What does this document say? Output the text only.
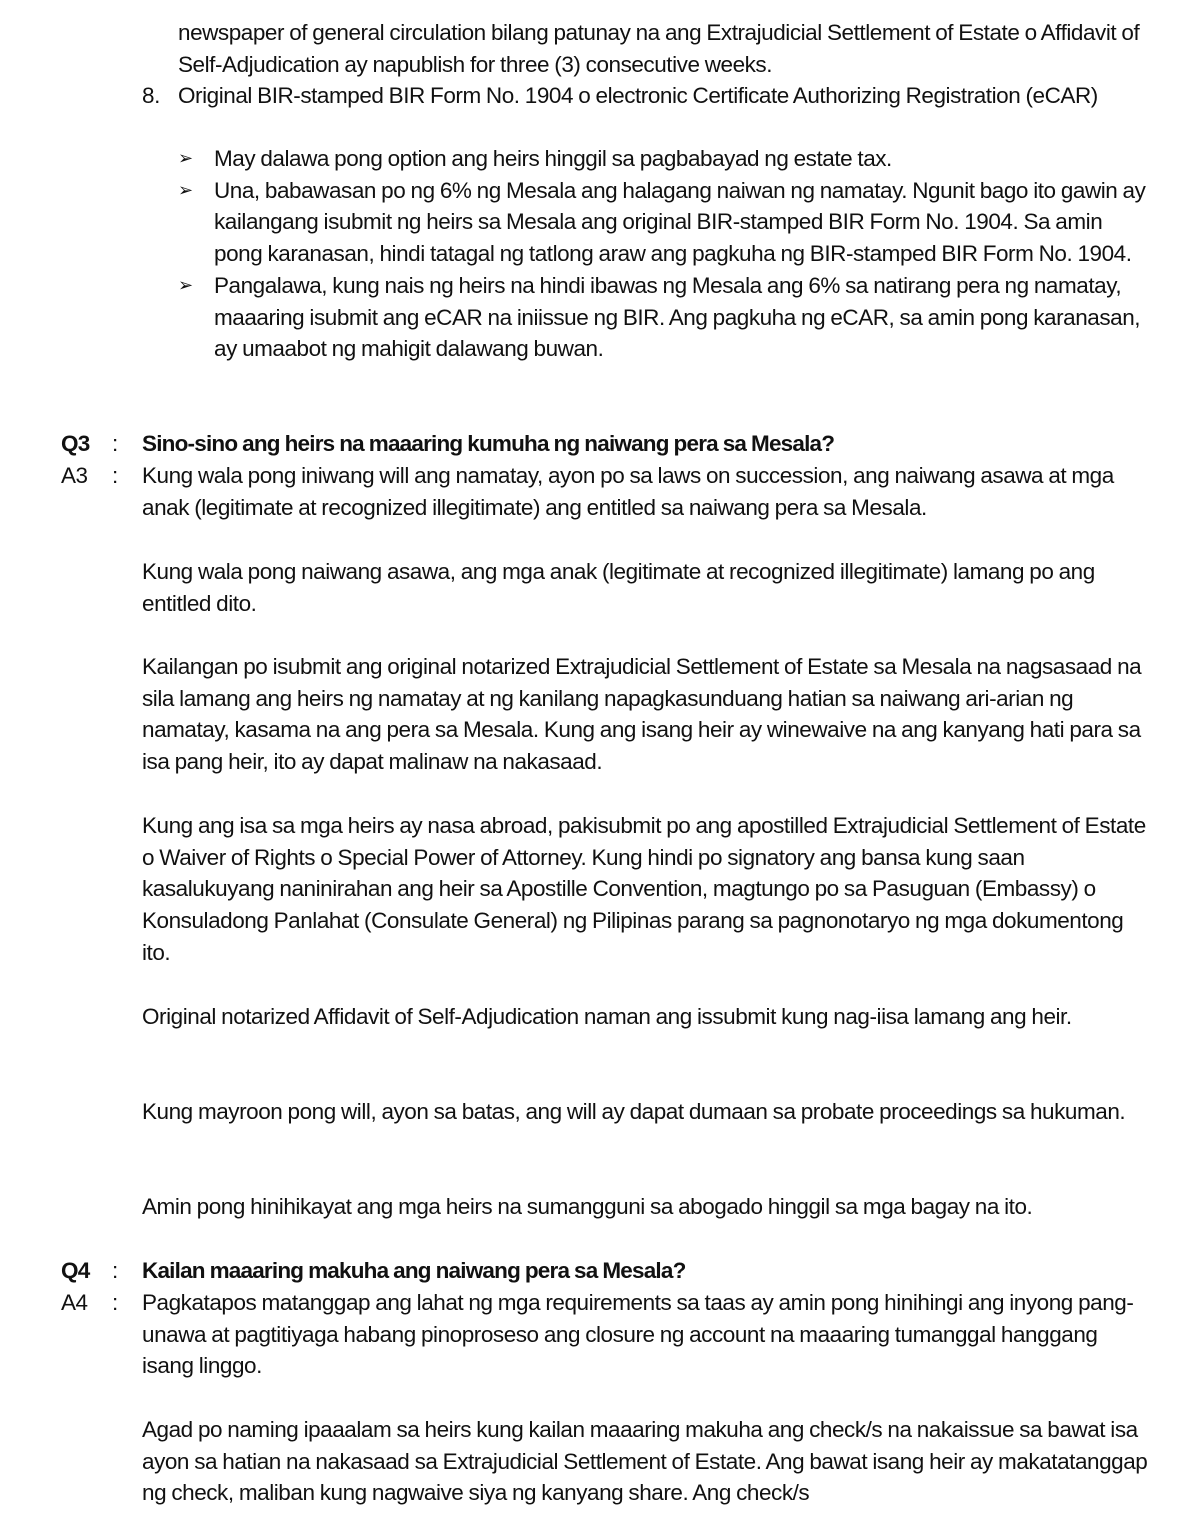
newspaper of general circulation bilang patunay na ang Extrajudicial Settlement of Estate o Affidavit of Self-Adjudication ay napublish for three (3) consecutive weeks.

8. Original BIR-stamped BIR Form No. 1904 o electronic Certificate Authorizing Registration (eCAR)

➢ May dalawa pong option ang heirs hinggil sa pagbabayad ng estate tax.

➢ Una, babawasan po ng 6% ng Mesala ang halagang naiwan ng namatay. Ngunit bago ito gawin ay kailangang isubmit ng heirs sa Mesala ang original BIR-stamped BIR Form No. 1904. Sa amin pong karanasan, hindi tatagal ng tatlong araw ang pagkuha ng BIR-stamped BIR Form No. 1904.

➢ Pangalawa, kung nais ng heirs na hindi ibawas ng Mesala ang 6% sa natirang pera ng namatay, maaaring isubmit ang eCAR na iniissue ng BIR. Ang pagkuha ng eCAR, sa amin pong karanasan, ay umaabot ng mahigit dalawang buwan.

Q3	: Sino-sino ang heirs na maaaring kumuha ng naiwang pera sa Mesala?

A3	: Kung wala pong iniwang will ang namatay, ayon po sa laws on succession, ang naiwang asawa at mga anak (legitimate at recognized illegitimate) ang entitled sa naiwang pera sa Mesala.

Kung wala pong naiwang asawa, ang mga anak (legitimate at recognized illegitimate) lamang po ang entitled dito.

Kailangan po isubmit ang original notarized Extrajudicial Settlement of Estate sa Mesala na nagsasaad na sila lamang ang heirs ng namatay at ng kanilang napagkasunduang hatian sa naiwang ari-arian ng namatay, kasama na ang pera sa Mesala. Kung ang isang heir ay winewaive na ang kanyang hati para sa isa pang heir, ito ay dapat malinaw na nakasaad.

Kung ang isa sa mga heirs ay nasa abroad, pakisubmit po ang apostilled Extrajudicial Settlement of Estate o Waiver of Rights o Special Power of Attorney. Kung hindi po signatory ang bansa kung saan kasalukuyang naninirahan ang heir sa Apostille Convention, magtungo po sa Pasuguan (Embassy) o Konsuladong Panlahat (Consulate General) ng Pilipinas parang sa pagnonotaryo ng mga dokumentong ito.

Original notarized Affidavit of Self-Adjudication naman ang issubmit kung nag-iisa lamang ang heir.

Kung mayroon pong will, ayon sa batas, ang will ay dapat dumaan sa probate proceedings sa hukuman.

Amin pong hinihikayat ang mga heirs na sumangguni sa abogado hinggil sa mga bagay na ito.

Q4	: Kailan maaaring makuha ang naiwang pera sa Mesala?

A4	: Pagkatapos matanggap ang lahat ng mga requirements sa taas ay amin pong hinihingi ang inyong pang-unawa at pagtitiyaga habang pinoproseso ang closure ng account na maaaring tumanggal hanggang isang linggo.

Agad po naming ipaaalam sa heirs kung kailan maaaring makuha ang check/s na nakaissue sa bawat isa ayon sa hatian na nakasaad sa Extrajudicial Settlement of Estate. Ang bawat isang heir ay makatatanggap ng check, maliban kung nagwaive siya ng kanyang share. Ang check/s
